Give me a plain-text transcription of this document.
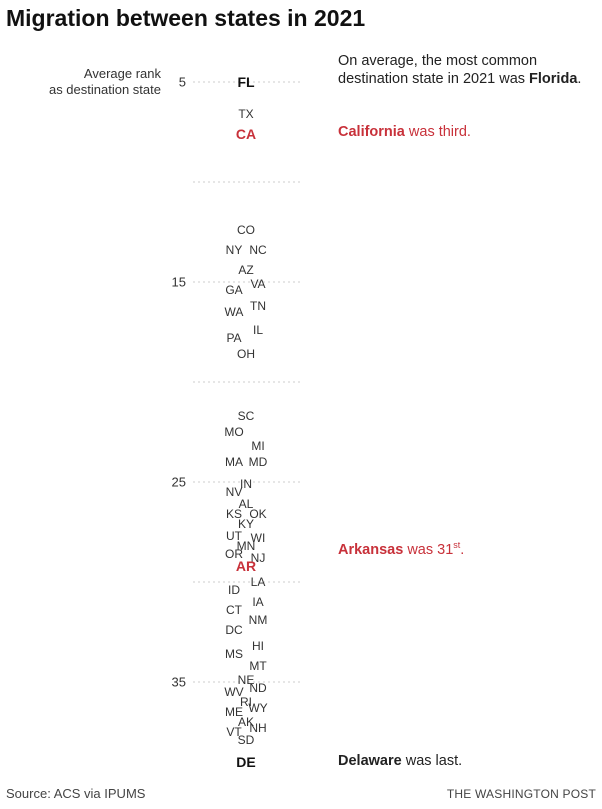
Migration between states in 2021
Average rank
as destination state 5
15
25
35
FL
TX
CA
CO
NY NC
AZ
VA
GA
TN
WA
IL
PA
OH
SC
MO
MI
MA MD
IN
NV
AL
KS OK
KY
UT WI
MN
OR NJ
AR
LA
ID
IA
CT
NM
DC
HI
MS
MT
NE
ND
WV
RI
WY
ME
AK
NH
VT
SD
DE
On average, the most common destination state in 2021 was Florida.
California was third.
Arkansas was 31st.
Delaware was last.
Source: ACS via IPUMS	THE WASHINGTON POST
